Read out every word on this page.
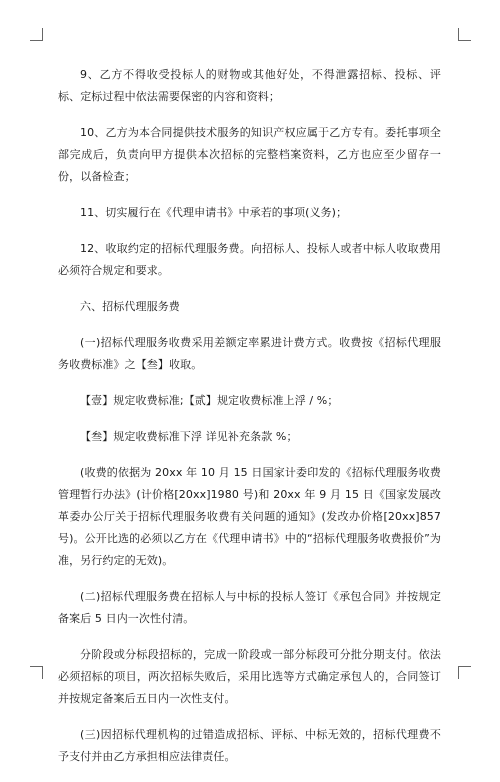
9、乙方不得收受投标人的财物或其他好处，不得泄露招标、投标、评标、定标过程中依法需要保密的内容和资料；

10、乙方为本合同提供技术服务的知识产权应属于乙方专有。委托事项全部完成后，负责向甲方提供本次招标的完整档案资料，乙方也应至少留存一份，以备检查；

11、切实履行在《代理申请书》中承若的事项(义务)；

12、收取约定的招标代理服务费。向招标人、投标人或者中标人收取费用必须符合规定和要求。

六、招标代理服务费

(一)招标代理服务收费采用差额定率累进计费方式。收费按《招标代理服务收费标准》之【叁】收取。

【壹】规定收费标准;【贰】规定收费标准上浮 / %；

【叁】规定收费标准下浮 详见补充条款 %；

(收费的依据为 20xx 年 10 月 15 日国家计委印发的《招标代理服务收费管理暂行办法》(计价格[20xx]1980 号)和 20xx 年 9 月 15 日《国家发展改革委办公厅关于招标代理服务收费有关问题的通知》(发改办价格[20xx]857 号)。公开比选的必须以乙方在《代理申请书》中的“招标代理服务收费报价”为准，另行约定的无效)。

(二)招标代理服务费在招标人与中标的投标人签订《承包合同》并按规定备案后 5 日内一次性付清。

分阶段或分标段招标的，完成一阶段或一部分标段可分批分期支付。依法必须招标的项目，两次招标失败后，采用比选等方式确定承包人的，合同签订并按规定备案后五日内一次性支付。

(三)因招标代理机构的过错造成招标、评标、中标无效的，招标代理费不予支付并由乙方承担相应法律责任。
